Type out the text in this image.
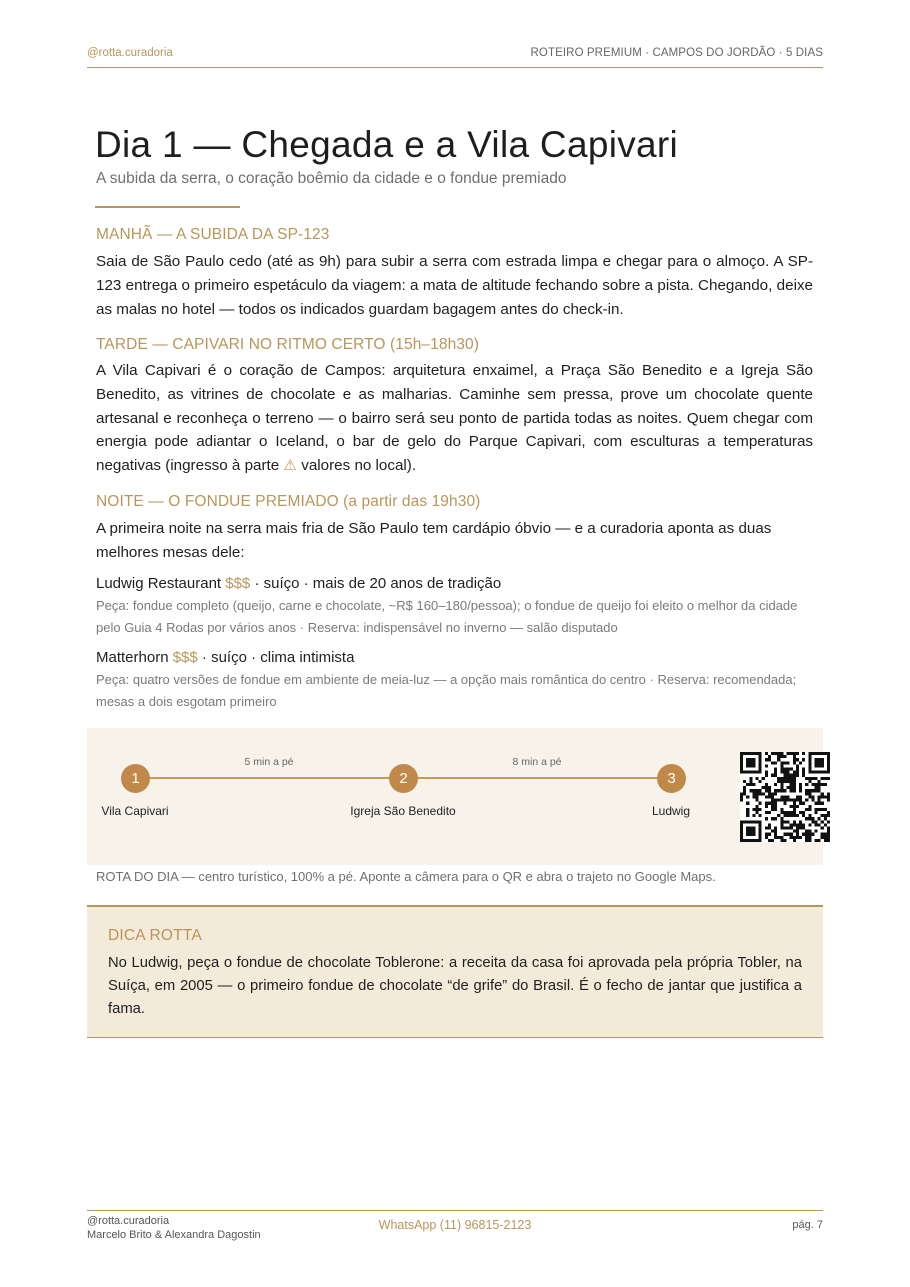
@rotta.curadoria	ROTEIRO PREMIUM · CAMPOS DO JORDÃO · 5 DIAS
Dia 1 — Chegada e a Vila Capivari
A subida da serra, o coração boêmio da cidade e o fondue premiado
MANHÃ — A SUBIDA DA SP-123

Saia de São Paulo cedo (até as 9h) para subir a serra com estrada limpa e chegar para o almoço. A SP-123 entrega o primeiro espetáculo da viagem: a mata de altitude fechando sobre a pista. Chegando, deixe as malas no hotel — todos os indicados guardam bagagem antes do check-in.

TARDE — CAPIVARI NO RITMO CERTO (15h–18h30)

A Vila Capivari é o coração de Campos: arquitetura enxaimel, a Praça São Benedito e a Igreja São Benedito, as vitrines de chocolate e as malharias. Caminhe sem pressa, prove um chocolate quente artesanal e reconheça o terreno — o bairro será seu ponto de partida todas as noites. Quem chegar com energia pode adiantar o Iceland, o bar de gelo do Parque Capivari, com esculturas a temperaturas negativas (ingresso à parte ⚠ valores no local).

NOITE — O FONDUE PREMIADO (a partir das 19h30)

A primeira noite na serra mais fria de São Paulo tem cardápio óbvio — e a curadoria aponta as duas melhores mesas dele:

Ludwig Restaurant $$$ · suíço · mais de 20 anos de tradição
Peça: fondue completo (queijo, carne e chocolate, ~R$ 160–180/pessoa); o fondue de queijo foi eleito o melhor da cidade pelo Guia 4 Rodas por vários anos · Reserva: indispensável no inverno — salão disputado
Matterhorn $$$ · suíço · clima intimista
Peça: quatro versões de fondue em ambiente de meia-luz — a opção mais romântica do centro · Reserva: recomendada; mesas a dois esgotam primeiro
5 min a pé	8 min a pé
1	2	3
Vila Capivari	Igreja São Benedito	Ludwig
ROTA DO DIA — centro turístico, 100% a pé. Aponte a câmera para o QR e abra o trajeto no Google Maps.
DICA ROTTA

No Ludwig, peça o fondue de chocolate Toblerone: a receita da casa foi aprovada pela própria Tobler, na Suíça, em 2005 — o primeiro fondue de chocolate “de grife” do Brasil. É o fecho de jantar que justifica a fama.

@rotta.curadoria
Marcelo Brito & Alexandra Dagostin
WhatsApp (11) 96815-2123	pág. 7
